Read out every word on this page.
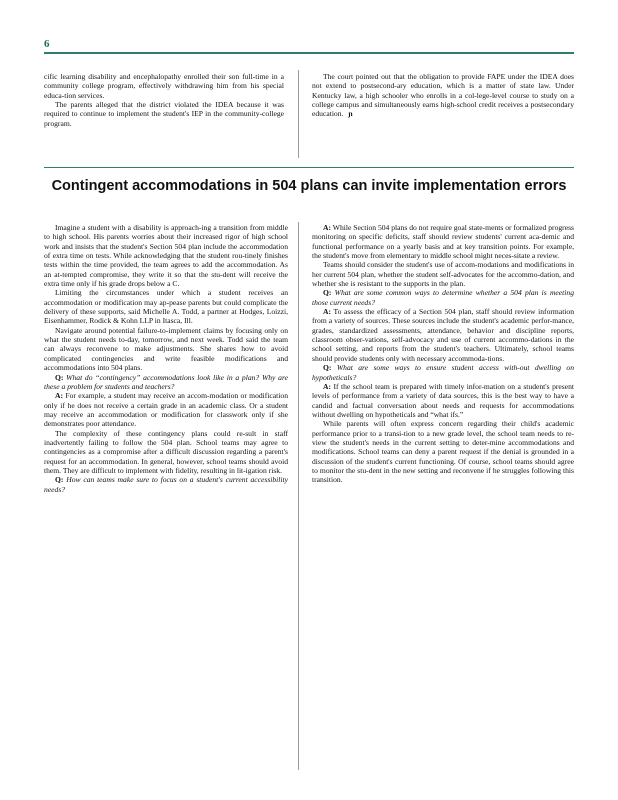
6

cific learning disability and encephalopathy enrolled their son full-time in a community college program, effectively withdrawing him from his special educa-tion services.

The parents alleged that the district violated the IDEA because it was required to continue to implement the student's IEP in the community-college program.

The court pointed out that the obligation to provide FAPE under the IDEA does not extend to postsecond-ary education, which is a matter of state law. Under Kentucky law, a high schooler who enrolls in a col-lege-level course to study on a college campus and simultaneously earns high-school credit receives a postsecondary education. ɲ

Contingent accommodations in 504 plans can invite implementation errors

Imagine a student with a disability is approach-ing a transition from middle to high school. His parents worries about their increased rigor of high school work and insists that the student's Section 504 plan include the accommodation of extra time on tests. While acknowledging that the student rou-tinely finishes tests within the time provided, the team agrees to add the accommodation. As an at-tempted compromise, they write it so that the stu-dent will receive the extra time only if his grade drops below a C.

Limiting the circumstances under which a student receives an accommodation or modification may ap-pease parents but could complicate the delivery of these supports, said Michelle A. Todd, a partner at Hodges, Loizzi, Eisenhammer, Rodick & Kohn LLP in Itasca, Ill.

Navigate around potential failure-to-implement claims by focusing only on what the student needs to-day, tomorrow, and next week. Todd said the team can always reconvene to make adjustments. She shares how to avoid complicated contingencies and write feasible modifications and accommodations into 504 plans.

Q: What do “contingency” accommodations look like in a plan? Why are these a problem for students and teachers?

A: For example, a student may receive an accom-modation or modification only if he does not receive a certain grade in an academic class. Or a student may receive an accommodation or modification for classwork only if she demonstrates poor attendance.

The complexity of these contingency plans could re-sult in staff inadvertently failing to follow the 504 plan. School teams may agree to contingencies as a compromise after a difficult discussion regarding a parent's request for an accommodation. In general, however, school teams should avoid them. They are difficult to implement with fidelity, resulting in lit-igation risk.

Q: How can teams make sure to focus on a student's current accessibility needs?

A: While Section 504 plans do not require goal state-ments or formalized progress monitoring on specific deficits, staff should review students' current aca-demic and functional performance on a yearly basis and at key transition points. For example, the student's move from elementary to middle school might neces-sitate a review.

Teams should consider the student's use of accom-modations and modifications in her current 504 plan, whether the student self-advocates for the accommo-dation, and whether she is resistant to the supports in the plan.

Q: What are some common ways to determine whether a 504 plan is meeting those current needs?

A: To assess the efficacy of a Section 504 plan, staff should review information from a variety of sources. These sources include the student's academic perfor-mance, grades, standardized assessments, attendance, behavior and discipline reports, classroom obser-vations, self-advocacy and use of current accommo-dations in the school setting, and reports from the student's teachers. Ultimately, school teams should provide students only with necessary accommoda-tions.

Q: What are some ways to ensure student access with-out dwelling on hypotheticals?

A: If the school team is prepared with timely infor-mation on a student's present levels of performance from a variety of data sources, this is the best way to have a candid and factual conversation about needs and requests for accommodations without dwelling on hypotheticals and “what ifs.”

While parents will often express concern regarding their child's academic performance prior to a transi-tion to a new grade level, the school team needs to re-view the student's needs in the current setting to deter-mine accommodations and modifications. School teams can deny a parent request if the denial is grounded in a discussion of the student's current functioning. Of course, school teams should agree to monitor the stu-dent in the new setting and reconvene if he struggles following this transition.
